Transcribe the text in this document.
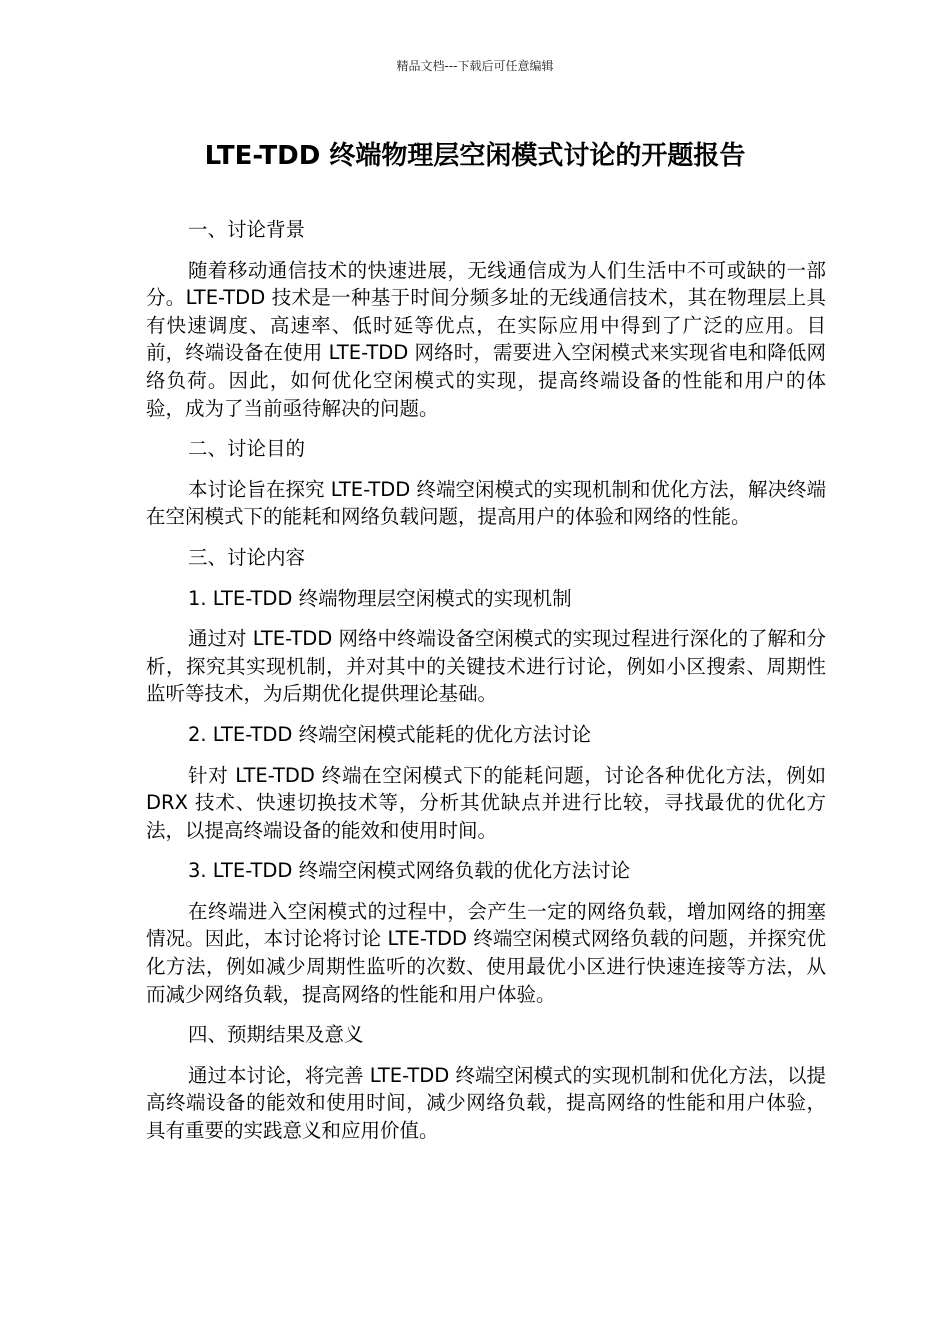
精品文档---下载后可任意编辑
LTE-TDD 终端物理层空闲模式讨论的开题报告

一、讨论背景

随着移动通信技术的快速进展，无线通信成为人们生活中不可或缺的一部分。LTE-TDD 技术是一种基于时间分频多址的无线通信技术，其在物理层上具有快速调度、高速率、低时延等优点，在实际应用中得到了广泛的应用。目前，终端设备在使用 LTE-TDD 网络时，需要进入空闲模式来实现省电和降低网络负荷。因此，如何优化空闲模式的实现，提高终端设备的性能和用户的体验，成为了当前亟待解决的问题。

二、讨论目的

本讨论旨在探究 LTE-TDD 终端空闲模式的实现机制和优化方法，解决终端在空闲模式下的能耗和网络负载问题，提高用户的体验和网络的性能。

三、讨论内容

1. LTE-TDD 终端物理层空闲模式的实现机制

通过对 LTE-TDD 网络中终端设备空闲模式的实现过程进行深化的了解和分析，探究其实现机制，并对其中的关键技术进行讨论，例如小区搜索、周期性监听等技术，为后期优化提供理论基础。

2. LTE-TDD 终端空闲模式能耗的优化方法讨论

针对 LTE-TDD 终端在空闲模式下的能耗问题，讨论各种优化方法，例如 DRX 技术、快速切换技术等，分析其优缺点并进行比较，寻找最优的优化方法，以提高终端设备的能效和使用时间。

3. LTE-TDD 终端空闲模式网络负载的优化方法讨论

在终端进入空闲模式的过程中，会产生一定的网络负载，增加网络的拥塞情况。因此，本讨论将讨论 LTE-TDD 终端空闲模式网络负载的问题，并探究优化方法，例如减少周期性监听的次数、使用最优小区进行快速连接等方法，从而减少网络负载，提高网络的性能和用户体验。

四、预期结果及意义

通过本讨论，将完善 LTE-TDD 终端空闲模式的实现机制和优化方法，以提高终端设备的能效和使用时间，减少网络负载，提高网络的性能和用户体验，具有重要的实践意义和应用价值。
